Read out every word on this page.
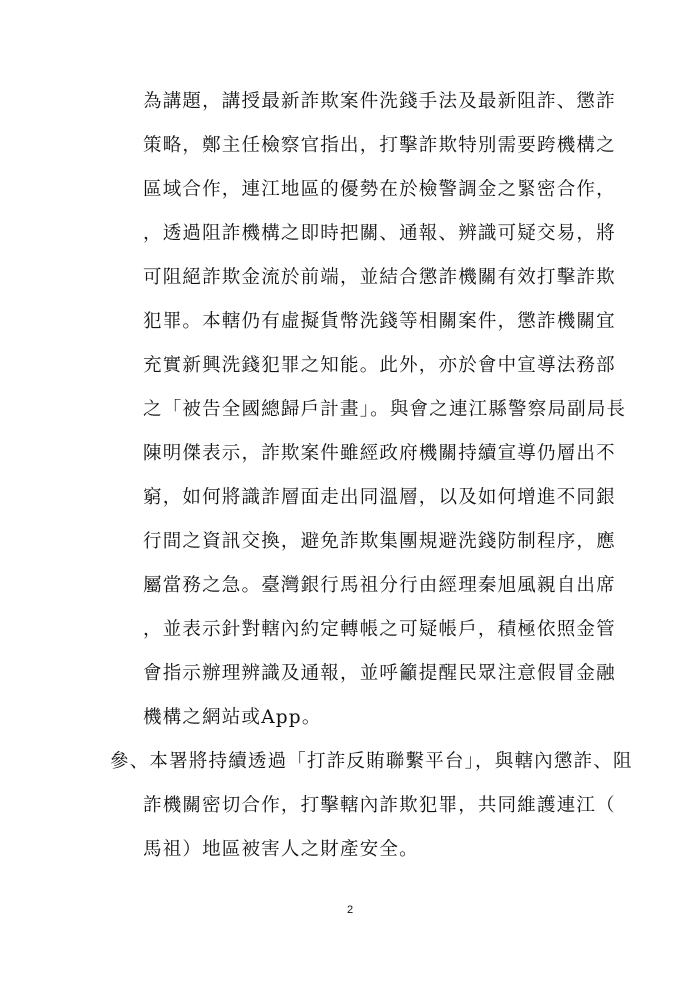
為講題，講授最新詐欺案件洗錢手法及最新阻詐、懲詐
策略，鄭主任檢察官指出，打擊詐欺特別需要跨機構之
區域合作，連江地區的優勢在於檢警調金之緊密合作，
，透過阻詐機構之即時把關、通報、辨識可疑交易，將
可阻絕詐欺金流於前端，並結合懲詐機關有效打擊詐欺
犯罪。本轄仍有虛擬貨幣洗錢等相關案件，懲詐機關宜
充實新興洗錢犯罪之知能。此外，亦於會中宣導法務部
之「被告全國總歸戶計畫」。與會之連江縣警察局副局長
陳明傑表示，詐欺案件雖經政府機關持續宣導仍層出不
窮，如何將識詐層面走出同溫層，以及如何增進不同銀
行間之資訊交換，避免詐欺集團規避洗錢防制程序，應
屬當務之急。臺灣銀行馬祖分行由經理秦旭風親自出席
，並表示針對轄內約定轉帳之可疑帳戶，積極依照金管
會指示辦理辨識及通報，並呼籲提醒民眾注意假冒金融
機構之網站或App。
參、本署將持續透過「打詐反賄聯繫平台」，與轄內懲詐、阻
詐機關密切合作，打擊轄內詐欺犯罪，共同維護連江（
馬祖）地區被害人之財產安全。
2
